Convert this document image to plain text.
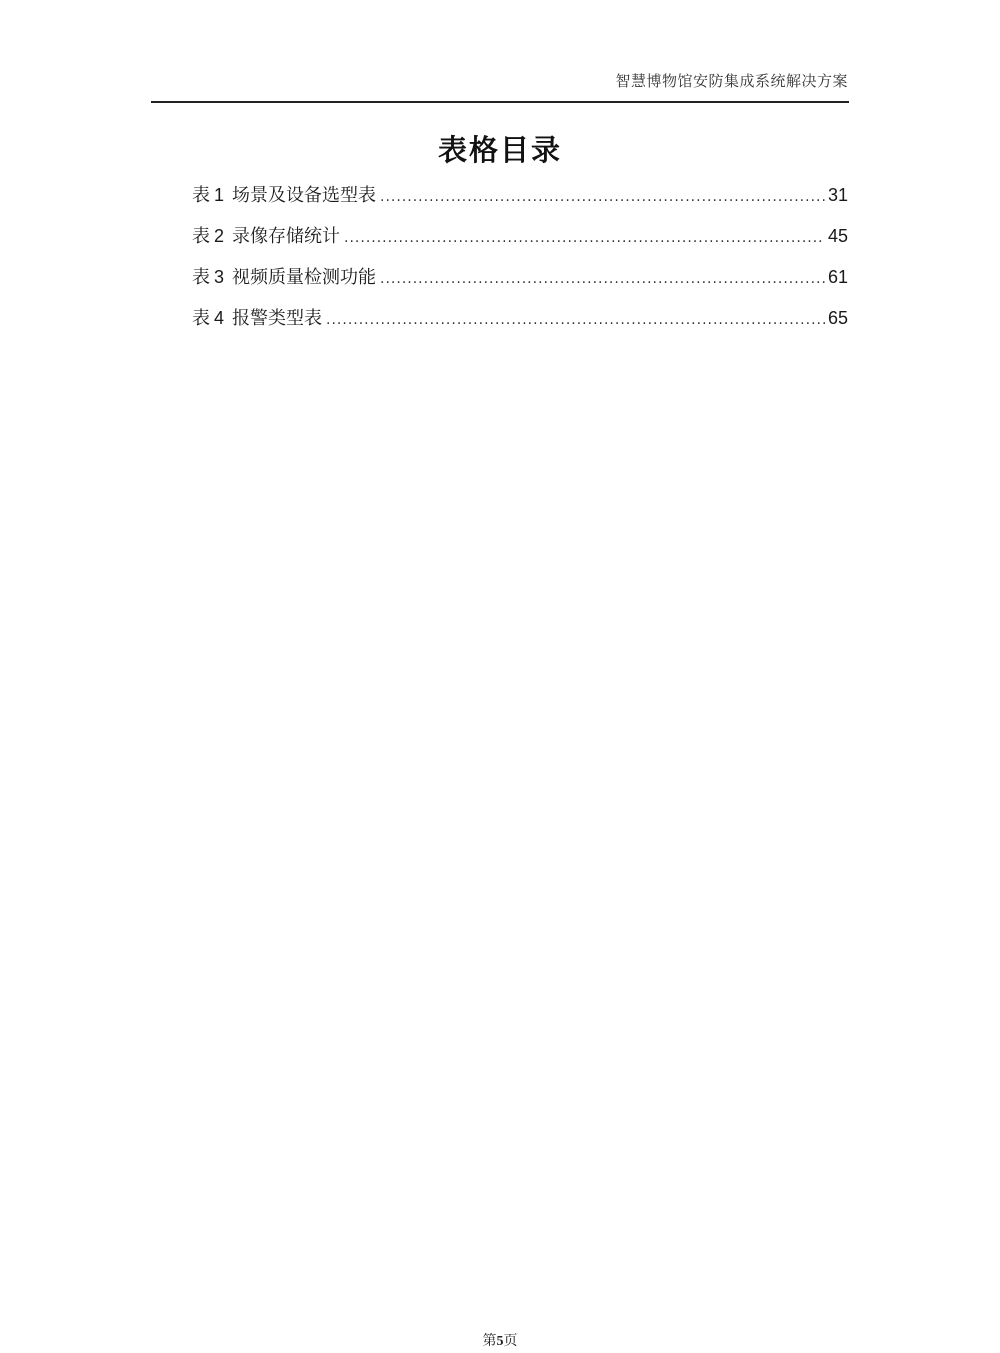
智慧博物馆安防集成系统解决方案
表格目录
表 1 场景及设备选型表 .....	31
表 2 录像存储统计 .....	45
表 3 视频质量检测功能 .....	61
表 4 报警类型表 .....	65
第5页
